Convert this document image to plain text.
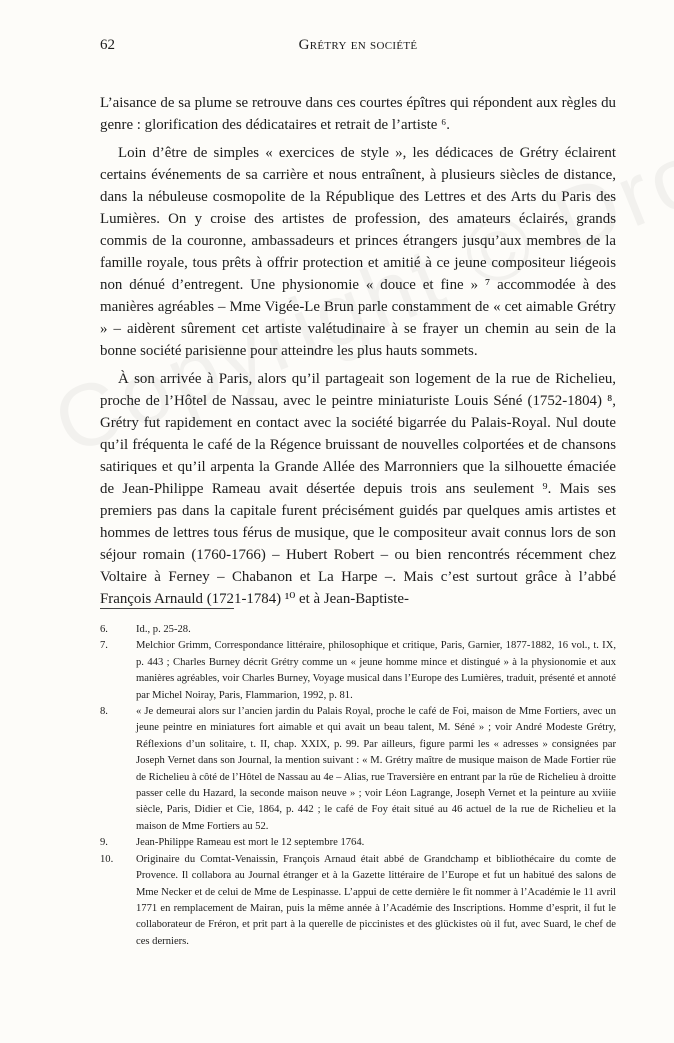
62	Grétry en société

L’aisance de sa plume se retrouve dans ces courtes épîtres qui répondent aux règles du genre : glorification des dédicataires et retrait de l’artiste ⁶.

Loin d’être de simples « exercices de style », les dédicaces de Grétry éclairent certains événements de sa carrière et nous entraînent, à plusieurs siècles de distance, dans la nébuleuse cosmopolite de la République des Lettres et des Arts du Paris des Lumières. On y croise des artistes de profession, des amateurs éclairés, grands commis de la couronne, ambassadeurs et princes étrangers jusqu’aux membres de la famille royale, tous prêts à offrir protection et amitié à ce jeune compositeur liégeois non dénué d’entregent. Une physionomie « douce et fine » ⁷ accommodée à des manières agréables – Mme Vigée-Le Brun parle constamment de « cet aimable Grétry » – aidèrent sûrement cet artiste valétudinaire à se frayer un chemin au sein de la bonne société parisienne pour atteindre les plus hauts sommets.

À son arrivée à Paris, alors qu’il partageait son logement de la rue de Richelieu, proche de l’Hôtel de Nassau, avec le peintre miniaturiste Louis Séné (1752-1804) ⁸, Grétry fut rapidement en contact avec la société bigarrée du Palais-Royal. Nul doute qu’il fréquenta le café de la Régence bruissant de nouvelles colportées et de chansons satiriques et qu’il arpenta la Grande Allée des Marronniers que la silhouette émaciée de Jean-Philippe Rameau avait désertée depuis trois ans seulement ⁹. Mais ses premiers pas dans la capitale furent précisément guidés par quelques amis artistes et hommes de lettres tous férus de musique, que le compositeur avait connus lors de son séjour romain (1760-1766) – Hubert Robert – ou bien rencontrés récemment chez Voltaire à Ferney – Chabanon et La Harpe –. Mais c’est surtout grâce à l’abbé François Arnauld (1721-1784) ¹⁰ et à Jean-Baptiste-

6.	Id., p. 25-28.
7.	Melchior Grimm, Correspondance littéraire, philosophique et critique, Paris, Garnier, 1877-1882, 16 vol., t. IX, p. 443 ; Charles Burney décrit Grétry comme un « jeune homme mince et distingué » à la physionomie et aux manières agréables, voir Charles Burney, Voyage musical dans l’Europe des Lumières, traduit, présenté et annoté par Michel Noiray, Paris, Flammarion, 1992, p. 81.
8.	« Je demeurai alors sur l’ancien jardin du Palais Royal, proche le café de Foi, maison de Mme Fortiers, avec un jeune peintre en miniatures fort aimable et qui avait un beau talent, M. Séné » ; voir André Modeste Grétry, Réflexions d’un solitaire, t. II, chap. XXIX, p. 99. Par ailleurs, figure parmi les « adresses » consignées par Joseph Vernet dans son Journal, la mention suivant : « M. Grétry maître de musique maison de Made Fortier rüe de Richelieu à côté de l’Hôtel de Nassau au 4e – Alias, rue Traversière en entrant par la rüe de Richelieu à droitte passer celle du Hazard, la seconde maison neuve » ; voir Léon Lagrange, Joseph Vernet et la peinture au xviiie siècle, Paris, Didier et Cie, 1864, p. 442 ; le café de Foy était situé au 46 actuel de la rue de Richelieu et la maison de Mme Fortiers au 52.
9.	Jean-Philippe Rameau est mort le 12 septembre 1764.
10. Originaire du Comtat-Venaissin, François Arnaud était abbé de Grandchamp et bibliothécaire du comte de Provence. Il collabora au Journal étranger et à la Gazette littéraire de l’Europe et fut un habitué des salons de Mme Necker et de celui de Mme de Lespinasse. L’appui de cette dernière le fit nommer à l’Académie le 11 avril 1771 en remplacement de Mairan, puis la même année à l’Académie des Inscriptions. Homme d’esprit, il fut le collaborateur de Fréron, et prit part à la querelle de piccinistes et des glückistes où il fut, avec Suard, le chef de ces derniers.
